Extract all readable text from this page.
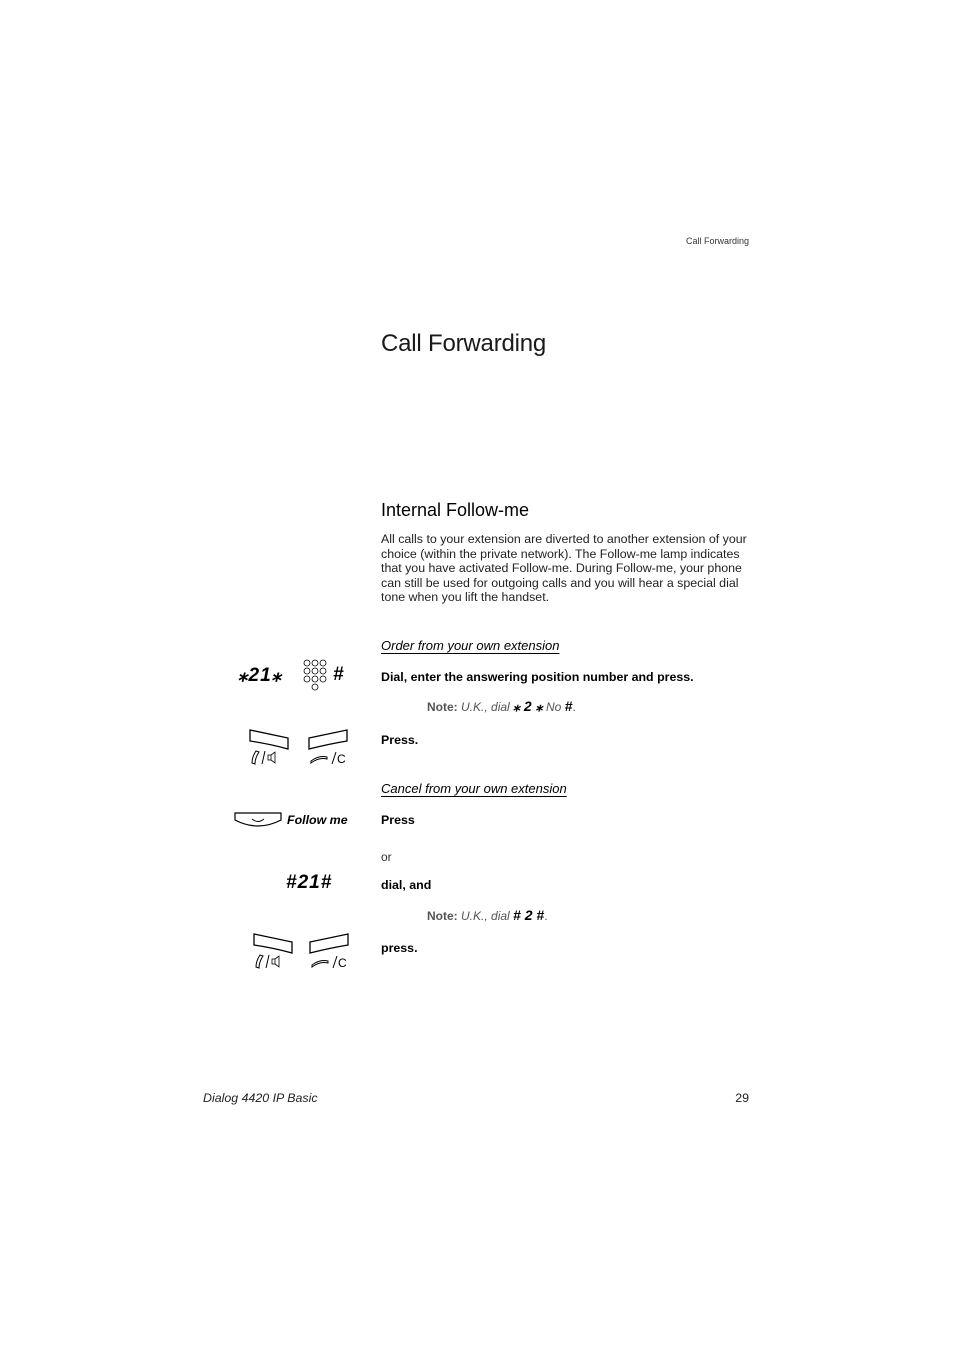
Call Forwarding
Call Forwarding
Internal Follow-me

All calls to your extension are diverted to another extension of your choice (within the private network). The Follow-me lamp indicates that you have activated Follow-me. During Follow-me, your phone can still be used for outgoing calls and you will hear a special dial tone when you lift the handset.

Order from your own extension
⁎21⁎	#	Dial, enter the answering position number and press.
Note: U.K., dial ⁎ 2 ⁎ No #.
C
Press.
Cancel from your own extension
Follow me	Press
or
#21#	dial, and
Note: U.K., dial # 2 #.
C
press.
Dialog 4420 IP Basic	29
